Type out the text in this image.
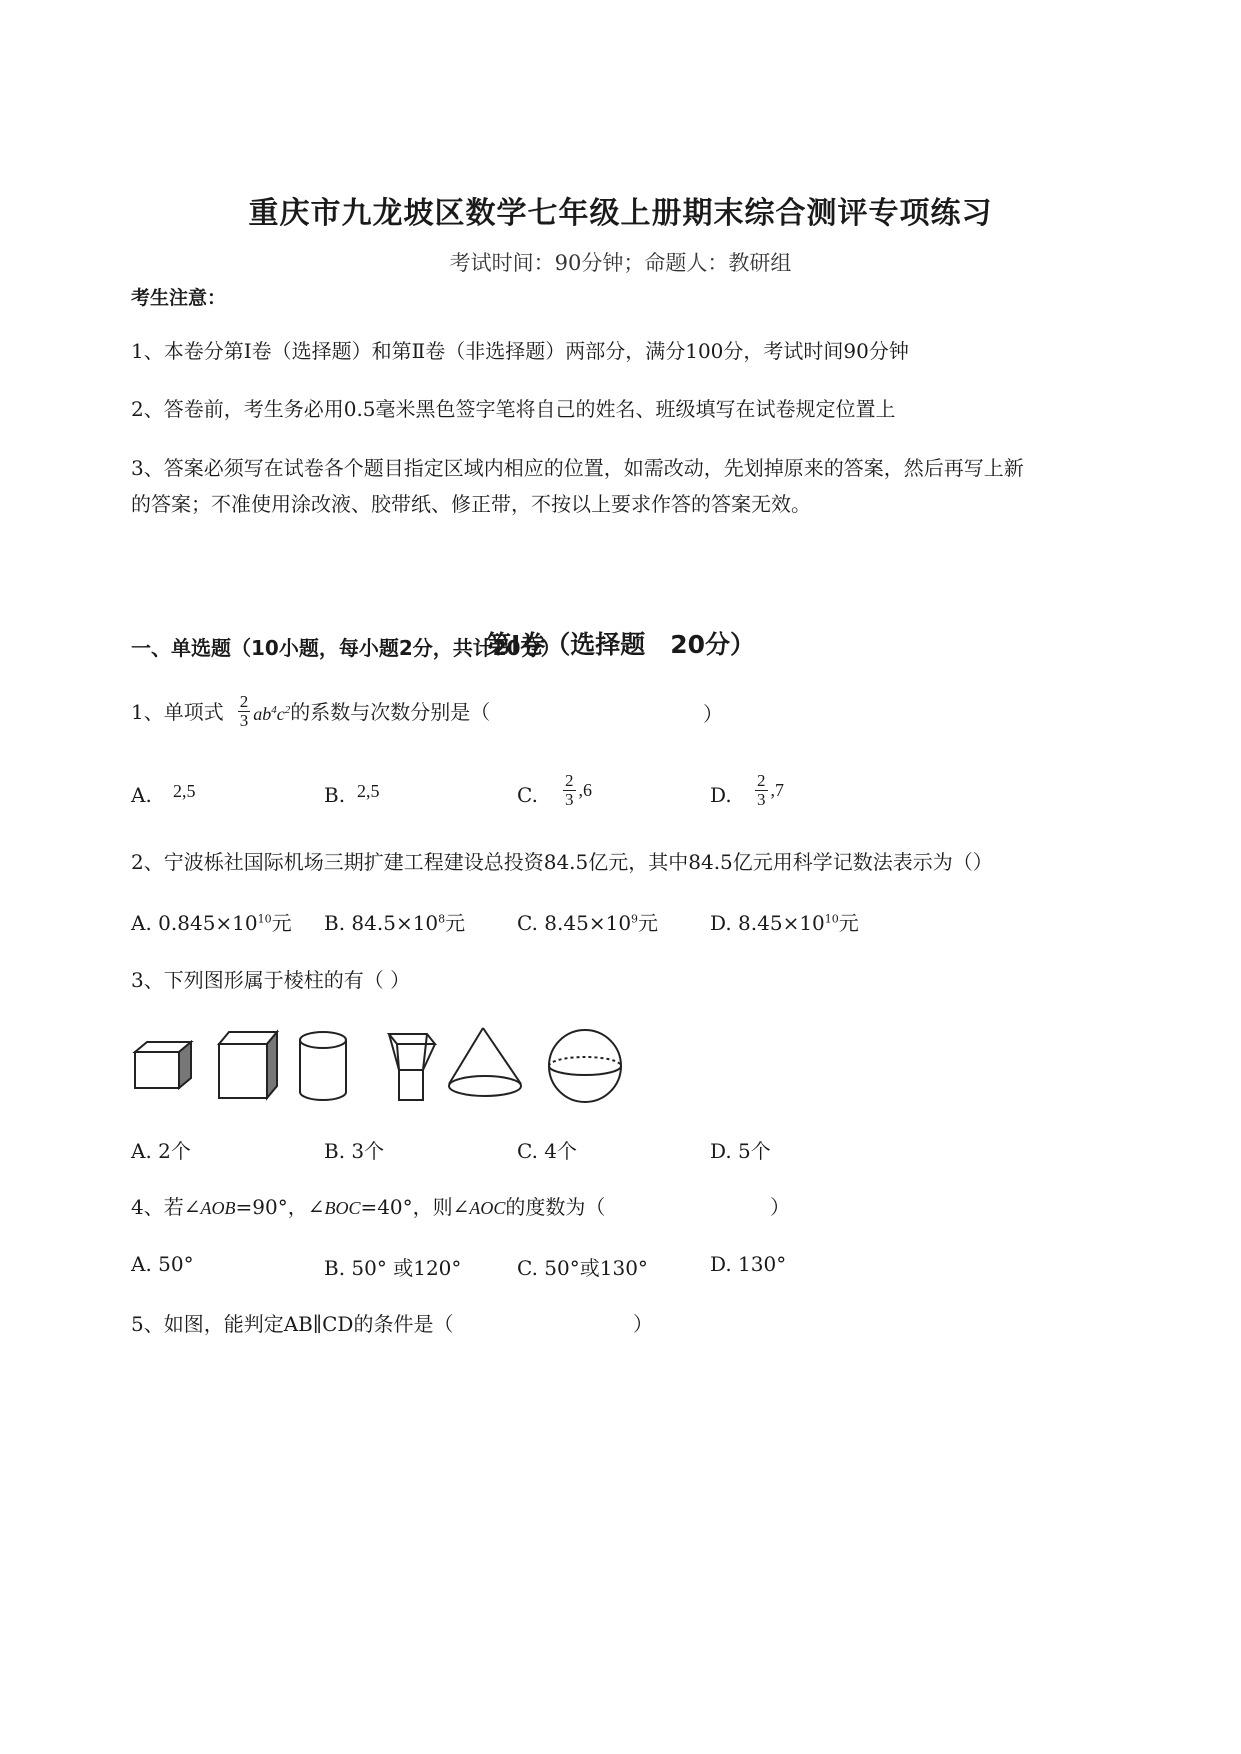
重庆市九龙坡区数学七年级上册期末综合测评专项练习
考试时间：90分钟；命题人：教研组
考生注意：
1、本卷分第I卷（选择题）和第Ⅱ卷（非选择题）两部分，满分100分，考试时间90分钟
2、答卷前，考生务必用0.5毫米黑色签字笔将自己的姓名、班级填写在试卷规定位置上
3、答案必须写在试卷各个题目指定区域内相应的位置，如需改动，先划掉原来的答案，然后再写上新
的答案；不准使用涂改液、胶带纸、修正带，不按以上要求作答的答案无效。
第I卷（选择题　20分）
一、单选题（10小题，每小题2分，共计20分）
1、单项式 $\frac{2}{3} ab^4c^2$ 的系数与次数分别是（	）
A. 2,5	B. 2,5	C. $\frac{2}{3} ,6$	D. $\frac{2}{3} ,7$
2、宁波栎社国际机场三期扩建工程建设总投资84.5亿元，其中84.5亿元用科学记数法表示为（）
A. $0.845\times 10^{10}$元 B. $84.5\times 10^8$元	C. $8.45\times 10^9$元	D. $8.45\times 10^{10}$元
3、下列图形属于棱柱的有（ ）
A. 2个	B. 3个	C. 4个	D. 5个
4、若∠AOB=90°，∠BOC=40°，则∠AOC的度数为（	）
A. 50°	B. 50° 或120°	C. 50°或130°	D. 130°
5、如图，能判定AB∥CD的条件是（	）
